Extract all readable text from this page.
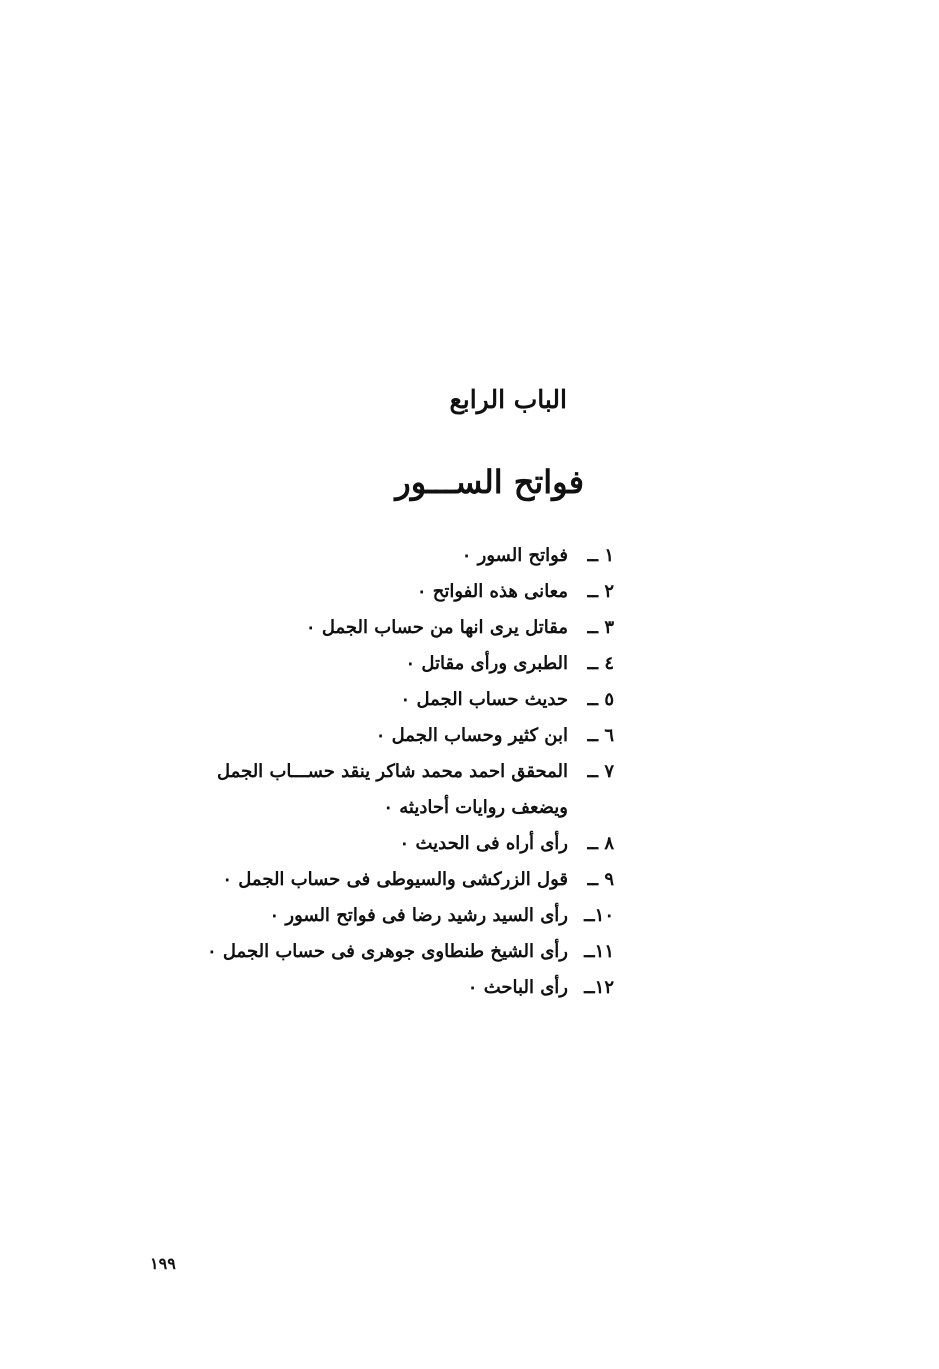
الباب الرابع
فواتح الســـور
١ ــ
فواتح السور ٠
٢ ــ
معانى هذه الفواتح ٠
٣ ــ
مقاتل يرى انها من حساب الجمل ٠
٤ ــ
الطبرى ورأى مقاتل ٠
٥ ــ
حديث حساب الجمل ٠
٦ ــ
ابن كثير وحساب الجمل ٠
٧ ــ
المحقق احمد محمد شاكر ينقد حســـاب الجمل
ويضعف روايات أحاديثه ٠
٨ ــ
رأى أراه فى الحديث ٠
٩ ــ
قول الزركشى والسيوطى فى حساب الجمل ٠
١٠ــ
رأى السيد رشيد رضا فى فواتح السور ٠
١١ــ
رأى الشيخ طنطاوى جوهرى فى حساب الجمل ٠
١٢ــ
رأى الباحث ٠
١٩٩
